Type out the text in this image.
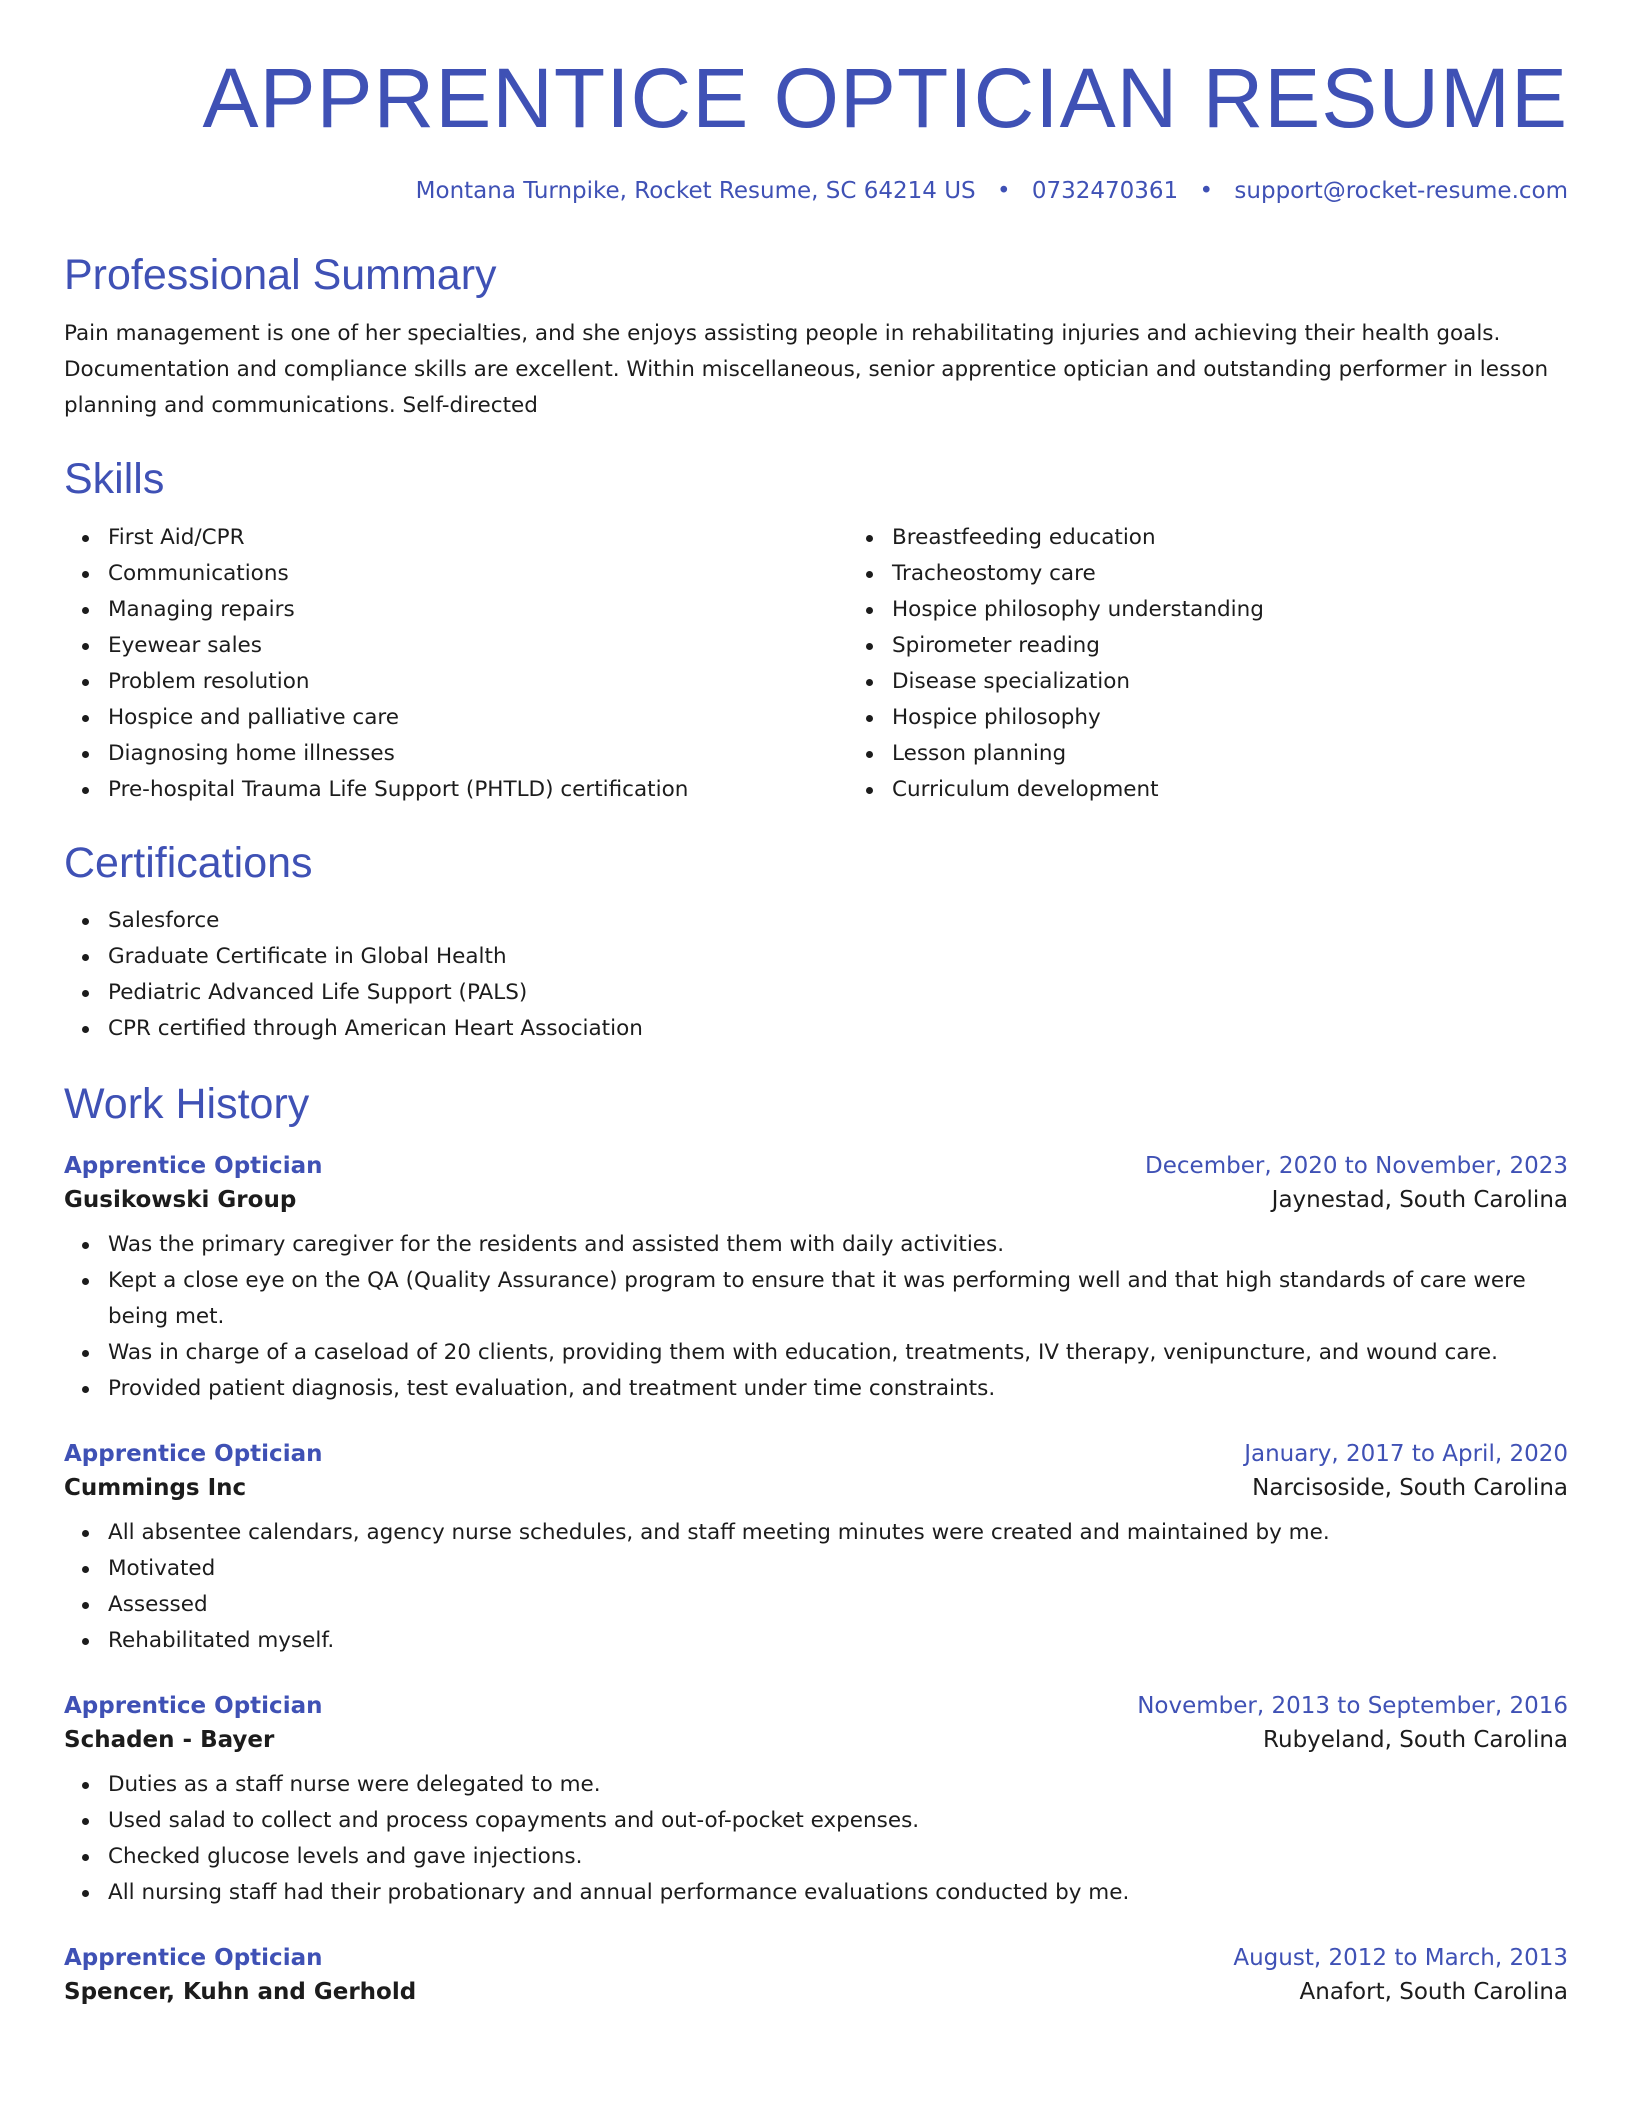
APPRENTICE OPTICIAN RESUME
Montana Turnpike, Rocket Resume, SC 64214 US • 0732470361 • support@rocket-resume.com
Professional Summary

Pain management is one of her specialties, and she enjoys assisting people in rehabilitating injuries and achieving their health goals. Documentation and compliance skills are excellent. Within miscellaneous, senior apprentice optician and outstanding performer in lesson planning and communications. Self-directed

Skills
First Aid/CPR
Communications
Managing repairs
Eyewear sales
Problem resolution
Hospice and palliative care
Diagnosing home illnesses
Pre-hospital Trauma Life Support (PHTLD) certification
Breastfeeding education
Tracheostomy care
Hospice philosophy understanding
Spirometer reading
Disease specialization
Hospice philosophy
Lesson planning
Curriculum development
Certifications
Salesforce
Graduate Certificate in Global Health
Pediatric Advanced Life Support (PALS)
CPR certified through American Heart Association
Work History
Apprentice Optician	December, 2020 to November, 2023
Gusikowski Group	Jaynestad, South Carolina
Was the primary caregiver for the residents and assisted them with daily activities.
Kept a close eye on the QA (Quality Assurance) program to ensure that it was performing well and that high standards of care were being met.
Was in charge of a caseload of 20 clients, providing them with education, treatments, IV therapy, venipuncture, and wound care.
Provided patient diagnosis, test evaluation, and treatment under time constraints.
Apprentice Optician	January, 2017 to April, 2020
Cummings Inc	Narcisoside, South Carolina
All absentee calendars, agency nurse schedules, and staff meeting minutes were created and maintained by me.
Motivated
Assessed
Rehabilitated myself.
Apprentice Optician	November, 2013 to September, 2016
Schaden - Bayer	Rubyeland, South Carolina
Duties as a staff nurse were delegated to me.
Used salad to collect and process copayments and out-of-pocket expenses.
Checked glucose levels and gave injections.
All nursing staff had their probationary and annual performance evaluations conducted by me.
Apprentice Optician	August, 2012 to March, 2013
Spencer, Kuhn and Gerhold	Anafort, South Carolina
